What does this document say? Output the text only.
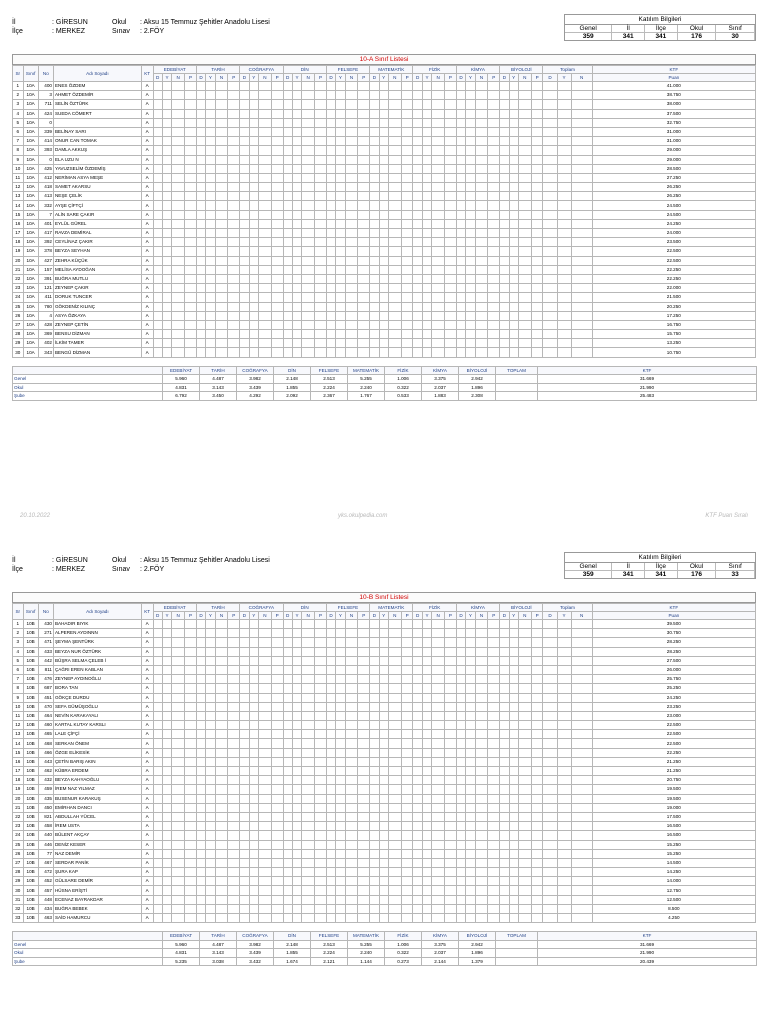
İl	: GİRESUN	Okul	: Aksu 15 Temmuz Şehitler Anadolu Lisesi
İlçe	: MERKEZ	Sınav	: 2.FÖY
Katılım Bilgileri
Genel	İl	İlçe	Okul	Sınıf
359	341	341	176	30
10-A Sınıf Listesi
Sr	Sınıf	No	Adı Soyadı	KT	EDEBİYAT				TARİH				COĞRAFYA				DİN				FELSEFE				MATEMATİK				FİZİK				KİMYA				BİYOLOJİ				Toplam			KTF
					D	Y	N	P	D	Y	N	P	D	Y	N	P	D	Y	N	P	D	Y	N	P	D	Y	N	P	D	Y	N	P	D	Y	N	P	D	Y	N	P	D	Y	N	Puan
1	10A	400	ENES ÖZDEM	A																																								41.000
2	10A	3	AHMET ÖZDEMİR	A																																								38.750
3	10A	711	SELİN ÖZTÜRK	A																																								38.000
4	10A	424	SUEDA CÖMERT	A																																								37.500
5	10A	0		A																																								32.750
6	10A	339	BELİNAY SARI	A																																								31.000
7	10A	414	ONUR CAN TOMAK	A																																								31.000
8	10A	393	DAMLA AKKUŞ	A																																								29.000
9	10A	0	ELA UZU N	A																																								29.000
10	10A	425	YAVUZSELİM ÖZDEMİŞ	A																																								28.500
11	10A	412	NERİMAN ASYA MEŞE	A																																								27.250
12	10A	418	SAMET AKARSU	A																																								26.250
13	10A	413	NEŞE ÇELİK	A																																								26.250
14	10A	332	AYŞE ÇİFTÇİ	A																																								24.500
15	10A	7	ALİN SARE ÇAKIR	A																																								24.500
16	10A	401	EYLÜL GÜREL	A																																								24.250
17	10A	417	RAVZA DEMİRAL	A																																								24.000
18	10A	392	CEYLİNAZ ÇAKIR	A																																								23.500
19	10A	378	BEYZA SEYHAN	A																																								22.500
20	10A	427	ZEHRA KÜÇÜK	A																																								22.500
21	10A	157	MELİSA AYDOĞAN	A																																								22.250
22	10A	391	BUĞRA MUTLU	A																																								22.250
23	10A	121	ZEYNEP ÇAKIR	A																																								22.000
24	10A	411	DORUK TUNCER	A																																								21.500
25	10A	780	GÖKDENİZ KILINÇ	A																																								20.250
26	10A	4	ASYA ÖZKAYA	A																																								17.250
27	10A	428	ZEYNEP ÇETİN	A																																								16.750
28	10A	369	BENSU DİZMAN	A																																								15.750
29	10A	402	İLKİM TAMER	A																																								13.250
30	10A	343	BENGÜ DİZMAN	A																																								10.750
	EDEBİYAT	TARİH	COĞRAFYA	DİN	FELSEFE	MATEMATİK	FİZİK	KİMYA	BİYOLOJİ	TOPLAM	KTF
Genel	5.960	4.487	3.982	2.148	2.513	5.255	1.006	3.375	2.942		31.669
Okul	4.831	3.143	3.439	1.855	2.224	2.240	0.322	2.037	1.896		21.990
Şube	6.792	3.450	4.292	2.092	2.367	1.767	0.533	1.883	2.308		25.483
20.10.2022	yks.okulpedia.com	KTF Puan Sıralı
İl	: GİRESUN	Okul	: Aksu 15 Temmuz Şehitler Anadolu Lisesi
İlçe	: MERKEZ	Sınav	: 2.FÖY
Katılım Bilgileri
Genel	İl	İlçe	Okul	Sınıf
359	341	341	176	33
10-B Sınıf Listesi
Sr	Sınıf	No	Adı Soyadı	KT	EDEBİYAT				TARİH				COĞRAFYA				DİN				FELSEFE				MATEMATİK				FİZİK				KİMYA				BİYOLOJİ				Toplam			KTF
					D	Y	N	P	D	Y	N	P	D	Y	N	P	D	Y	N	P	D	Y	N	P	D	Y	N	P	D	Y	N	P	D	Y	N	P	D	Y	N	P	D	Y	N	Puan
1	10B	430	BAHADIR BIYIK	A																																								39.500
2	10B	271	ALPEREN AYDINNN	A																																								30.750
3	10B	471	ŞEYMA ŞENTÜRK	A																																								28.250
4	10B	433	BEYZA NUR ÖZTÜRK	A																																								28.250
5	10B	442	BÜŞRA SELMA ÇELEB İ	A																																								27.500
6	10B	811	ÇAĞRI EREN KABLAN	A																																								26.000
7	10B	476	ZEYNEP AYDINOĞLU	A																																								25.750
8	10B	687	BORA TAN	A																																								25.250
9	10B	451	GÖKÇE DURDU	A																																								24.250
10	10B	470	SEFA GÜMÜŞOĞLU	A																																								23.250
11	10B	464	NEVİN KARAKAYALI	A																																								23.000
12	10B	460	KARTAL KUTAY KARSLI	A																																								22.500
13	10B	465	LALE ÇİFÇİ	A																																								22.500
14	10B	468	SERKAN ÖNEM	A																																								22.500
15	10B	466	ÖZGE ELİKESİK	A																																								22.250
16	10B	443	ÇETİN BARIŞ AKIN	A																																								21.250
17	10B	462	KÜBRA ERDEM	A																																								21.250
18	10B	432	BEYZA KAHYAOĞLU	A																																								20.750
19	10B	459	İREM NAZ YILMAZ	A																																								19.500
20	10B	435	BUSENUR KARAKUŞ	A																																								19.500
21	10B	450	EMİRHAN DANCI	A																																								19.000
22	10B	821	ABDULLAH YÜCEL	A																																								17.500
23	10B	458	İREM USTA	A																																								16.500
24	10B	440	BÜLENT AKÇAY	A																																								16.500
25	10B	446	DENİZ KESER	A																																								15.250
26	10B	77	NAZ DEMİR	A																																								15.250
27	10B	467	SERDAR PANİK	A																																								14.500
28	10B	472	ŞURA KAP	A																																								14.250
29	10B	452	GÜLSARE DEMİR	A																																								14.000
30	10B	457	HÜSNA ERİŞTİ	A																																								12.750
31	10B	448	ECENAZ BAYRAKDAR	A																																								12.500
32	10B	434	BUĞRA BEBEK	A																																								8.500
33	10B	463	SAİD HAMURCU	A																																								4.250
	EDEBİYAT	TARİH	COĞRAFYA	DİN	FELSEFE	MATEMATİK	FİZİK	KİMYA	BİYOLOJİ	TOPLAM	KTF
Genel	5.960	4.487	3.982	2.148	2.513	5.255	1.006	3.375	2.942		31.669
Okul	4.831	3.143	3.439	1.855	2.224	2.240	0.322	2.037	1.896		21.990
Şube	5.235	3.038	3.432	1.674	2.121	1.144	0.273	2.144	1.379		20.439
